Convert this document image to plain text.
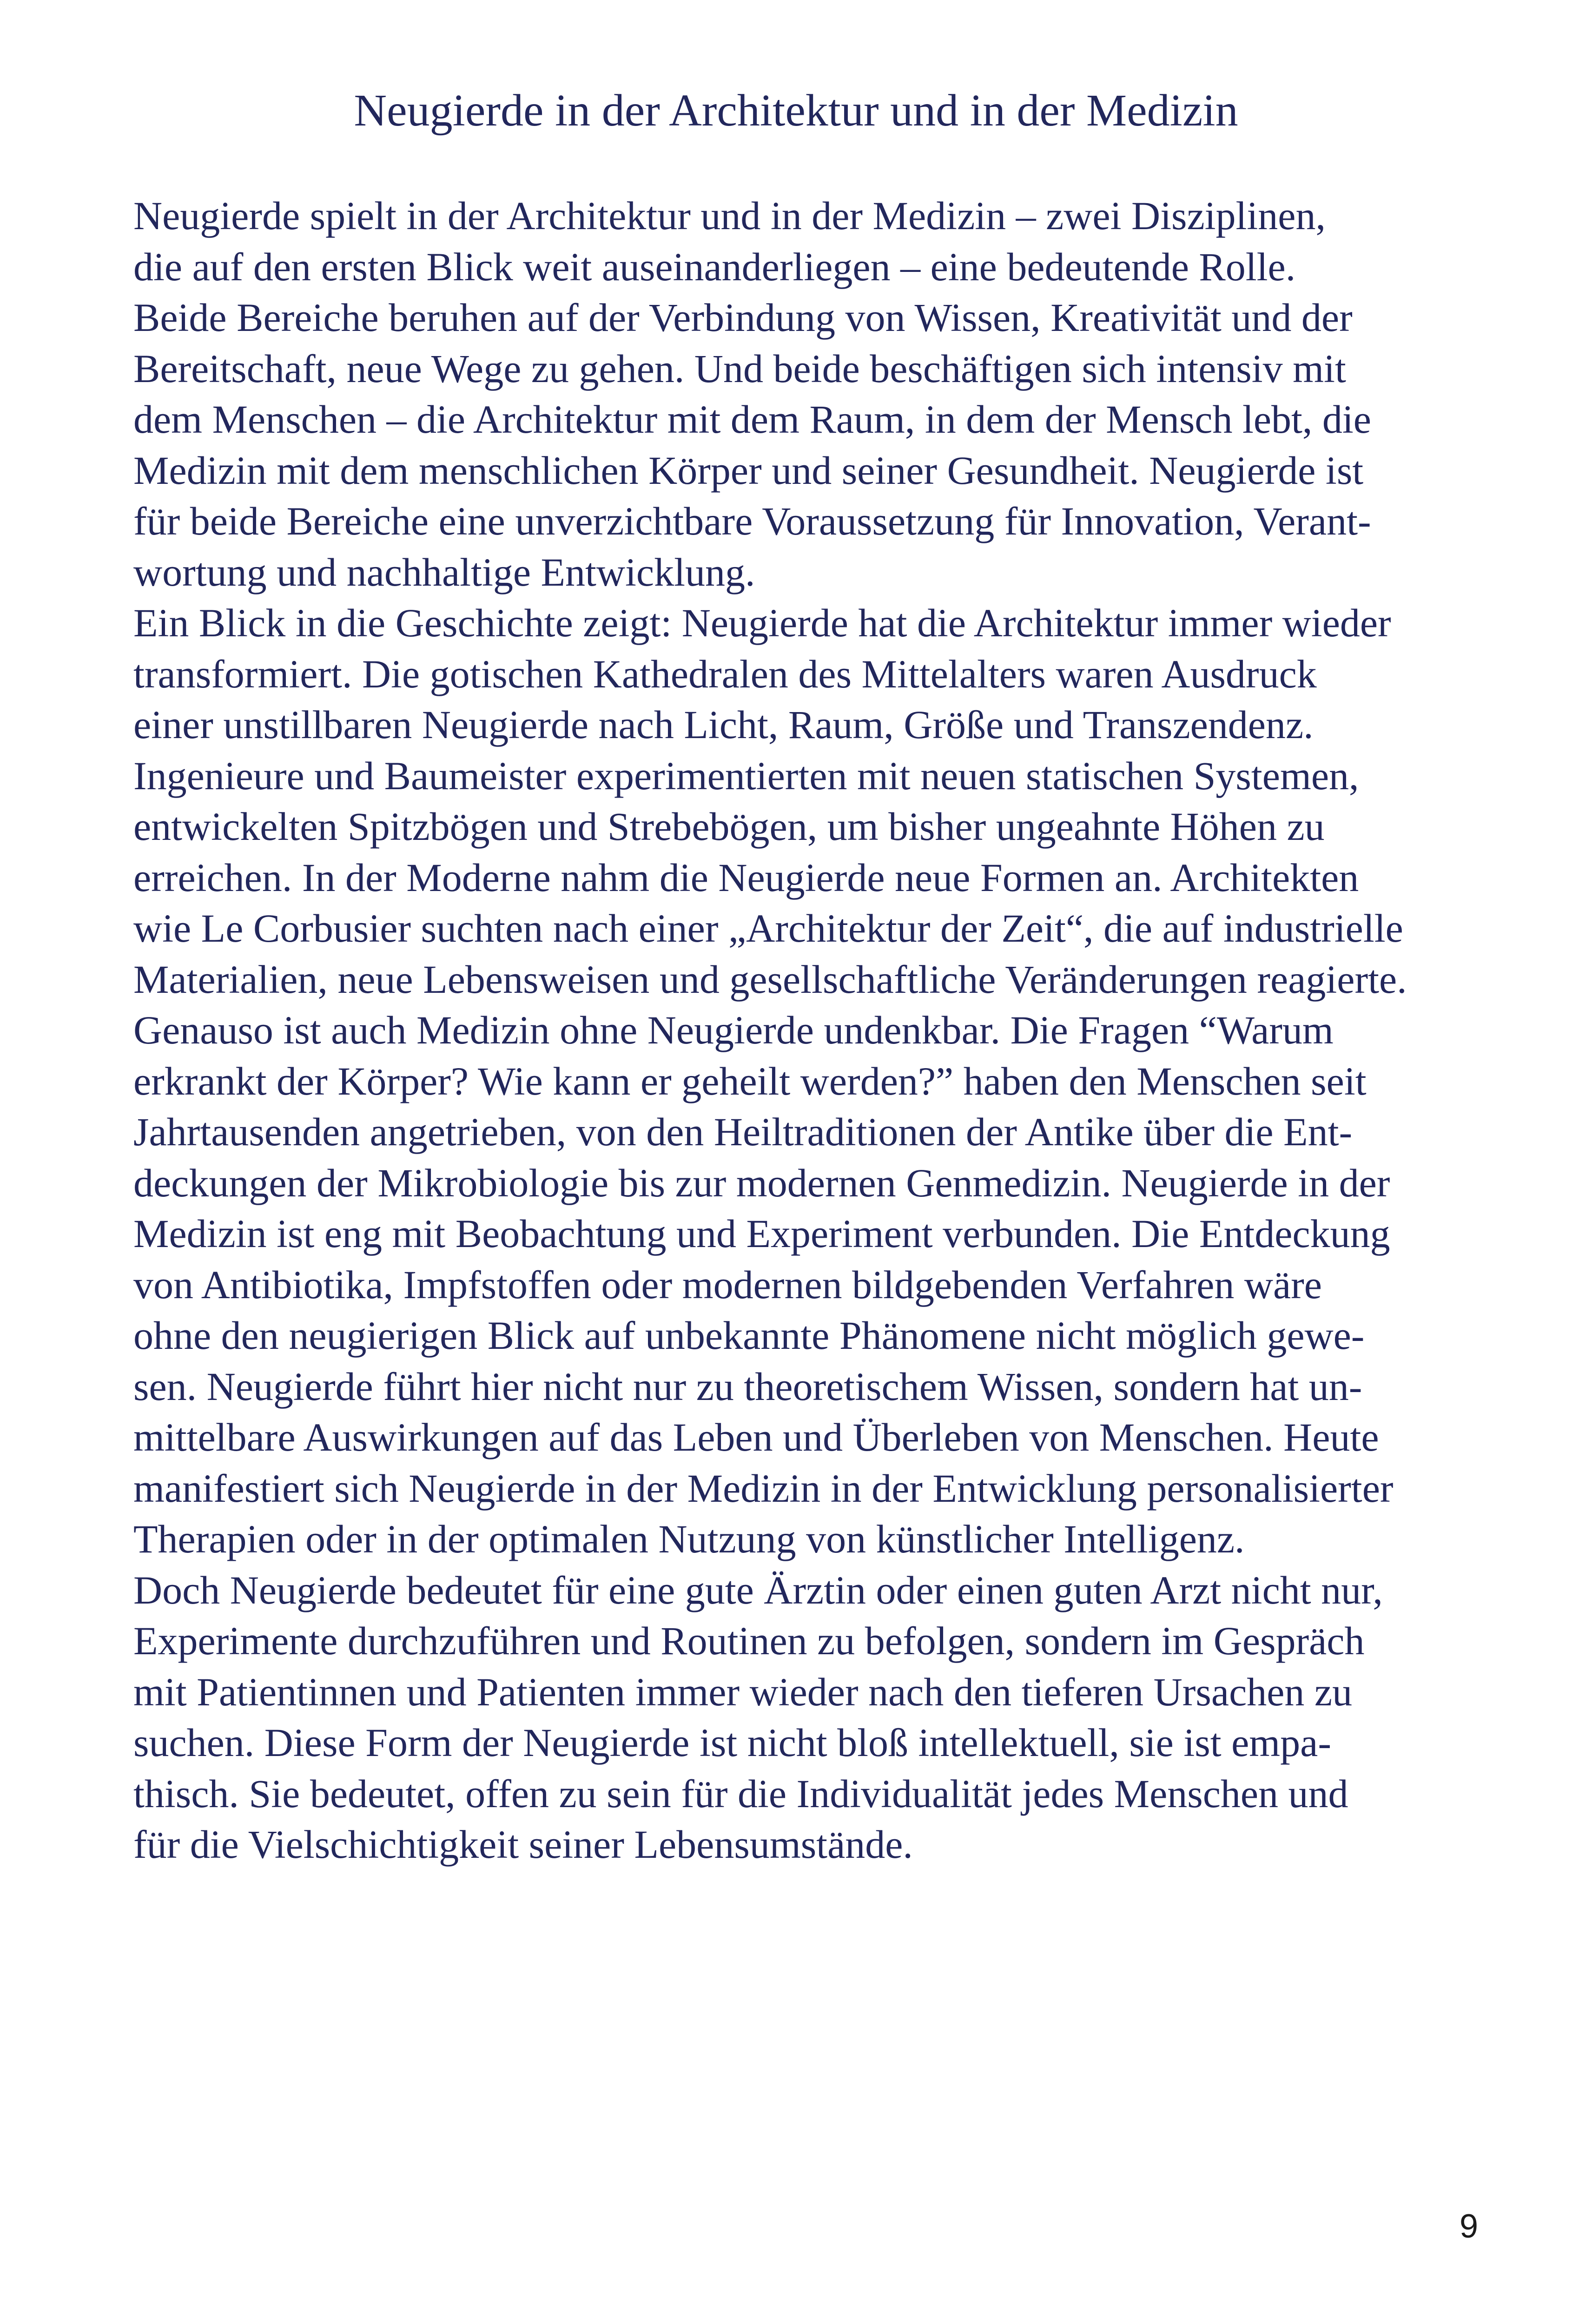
Neugierde in der Architektur und in der Medizin
Neugierde spielt in der Architektur und in der Medizin – zwei Disziplinen,
die auf den ersten Blick weit auseinanderliegen – eine bedeutende Rolle.
Beide Bereiche beruhen auf der Verbindung von Wissen, Kreativität und der
Bereitschaft, neue Wege zu gehen. Und beide beschäftigen sich intensiv mit
dem Menschen – die Architektur mit dem Raum, in dem der Mensch lebt, die
Medizin mit dem menschlichen Körper und seiner Gesundheit. Neugierde ist
für beide Bereiche eine unverzichtbare Voraussetzung für Innovation, Verant-
wortung und nachhaltige Entwicklung.
Ein Blick in die Geschichte zeigt: Neugierde hat die Architektur immer wieder
transformiert. Die gotischen Kathedralen des Mittelalters waren Ausdruck
einer unstillbaren Neugierde nach Licht, Raum, Größe und Transzendenz.
Ingenieure und Baumeister experimentierten mit neuen statischen Systemen,
entwickelten Spitzbögen und Strebebögen, um bisher ungeahnte Höhen zu
erreichen. In der Moderne nahm die Neugierde neue Formen an. Architekten
wie Le Corbusier suchten nach einer „Architektur der Zeit“, die auf industrielle
Materialien, neue Lebensweisen und gesellschaftliche Veränderungen reagierte.
Genauso ist auch Medizin ohne Neugierde undenkbar. Die Fragen “Warum
erkrankt der Körper? Wie kann er geheilt werden?” haben den Menschen seit
Jahrtausenden angetrieben, von den Heiltraditionen der Antike über die Ent-
deckungen der Mikrobiologie bis zur modernen Genmedizin. Neugierde in der
Medizin ist eng mit Beobachtung und Experiment verbunden. Die Entdeckung
von Antibiotika, Impfstoffen oder modernen bildgebenden Verfahren wäre
ohne den neugierigen Blick auf unbekannte Phänomene nicht möglich gewe-
sen. Neugierde führt hier nicht nur zu theoretischem Wissen, sondern hat un-
mittelbare Auswirkungen auf das Leben und Überleben von Menschen. Heute
manifestiert sich Neugierde in der Medizin in der Entwicklung personalisierter
Therapien oder in der optimalen Nutzung von künstlicher Intelligenz.
Doch Neugierde bedeutet für eine gute Ärztin oder einen guten Arzt nicht nur,
Experimente durchzuführen und Routinen zu befolgen, sondern im Gespräch
mit Patientinnen und Patienten immer wieder nach den tieferen Ursachen zu
suchen. Diese Form der Neugierde ist nicht bloß intellektuell, sie ist empa-
thisch. Sie bedeutet, offen zu sein für die Individualität jedes Menschen und
für die Vielschichtigkeit seiner Lebensumstände.
9
